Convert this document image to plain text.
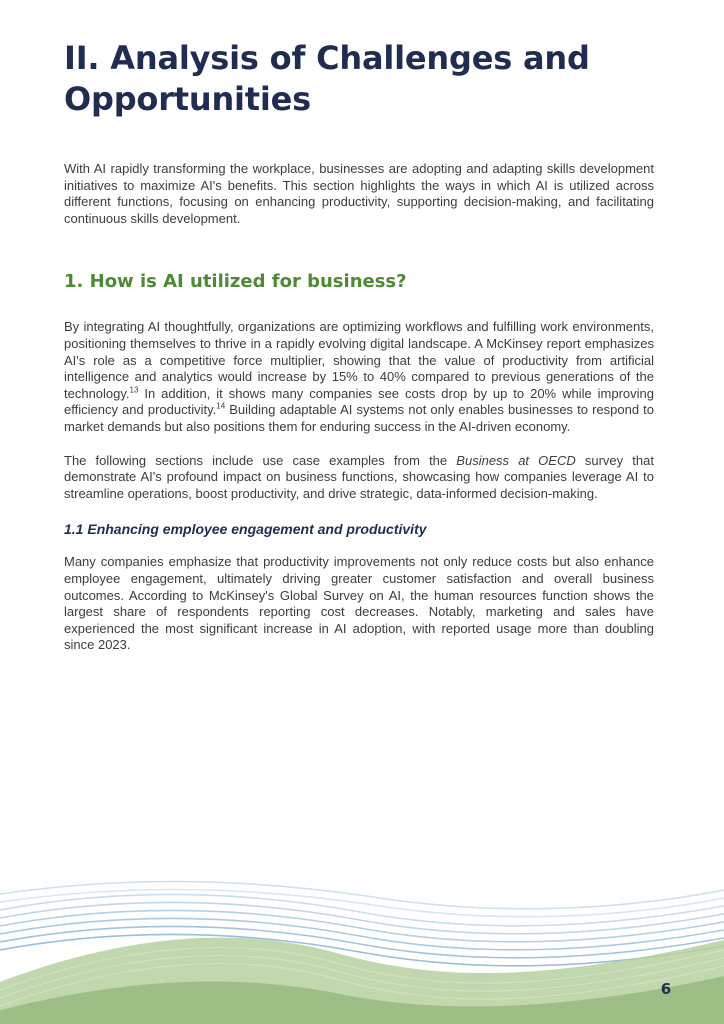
II. Analysis of Challenges and Opportunities

With AI rapidly transforming the workplace, businesses are adopting and adapting skills development initiatives to maximize AI's benefits. This section highlights the ways in which AI is utilized across different functions, focusing on enhancing productivity, supporting decision-making, and facilitating continuous skills development.

1. How is AI utilized for business?

By integrating AI thoughtfully, organizations are optimizing workflows and fulfilling work environments, positioning themselves to thrive in a rapidly evolving digital landscape. A McKinsey report emphasizes AI's role as a competitive force multiplier, showing that the value of productivity from artificial intelligence and analytics would increase by 15% to 40% compared to previous generations of the technology.$^{13}$ In addition, it shows many companies see costs drop by up to 20% while improving efficiency and productivity.$^{14}$ Building adaptable AI systems not only enables businesses to respond to market demands but also positions them for enduring success in the AI-driven economy.

The following sections include use case examples from the Business at OECD survey that demonstrate AI's profound impact on business functions, showcasing how companies leverage AI to streamline operations, boost productivity, and drive strategic, data-informed decision-making.

1.1 Enhancing employee engagement and productivity

Many companies emphasize that productivity improvements not only reduce costs but also enhance employee engagement, ultimately driving greater customer satisfaction and overall business outcomes. According to McKinsey's Global Survey on AI, the human resources function shows the largest share of respondents reporting cost decreases. Notably, marketing and sales have experienced the most significant increase in AI adoption, with reported usage more than doubling since 2023.

6
